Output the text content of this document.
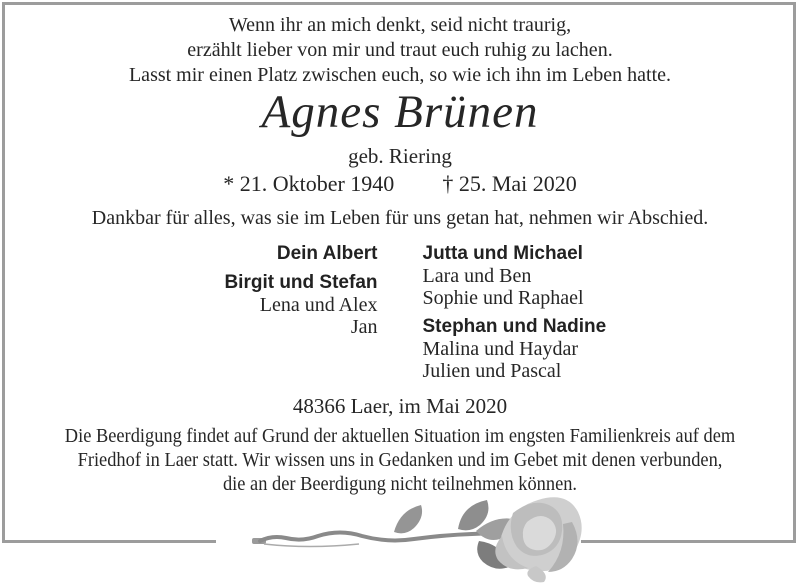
Wenn ihr an mich denkt, seid nicht traurig,
erzählt lieber von mir und traut euch ruhig zu lachen.
Lasst mir einen Platz zwischen euch, so wie ich ihn im Leben hatte.
Agnes Brünen
geb. Riering
* 21. Oktober 1940 † 25. Mai 2020
Dankbar für alles, was sie im Leben für uns getan hat, nehmen wir Abschied.
Dein Albert
Birgit und Stefan
Lena und Alex
Jan
Jutta und Michael
Lara und Ben
Sophie und Raphael
Stephan und Nadine
Malina und Haydar
Julien und Pascal
48366 Laer, im Mai 2020
Die Beerdigung findet auf Grund der aktuellen Situation im engsten Familienkreis auf dem
Friedhof in Laer statt. Wir wissen uns in Gedanken und im Gebet mit denen verbunden,
die an der Beerdigung nicht teilnehmen können.
